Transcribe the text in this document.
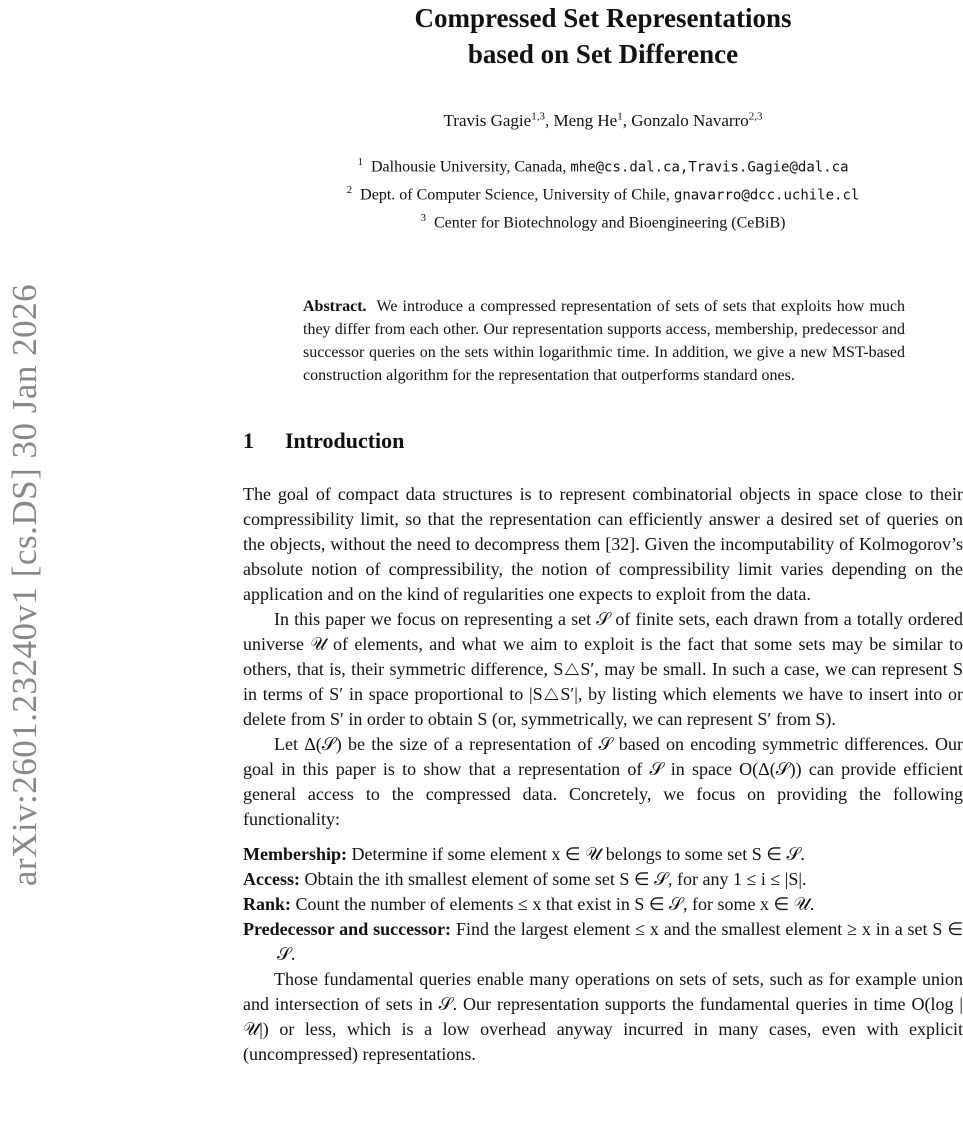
arXiv:2601.23240v1 [cs.DS] 30 Jan 2026
Compressed Set Representations
based on Set Difference
Travis Gagie$^{1,3}$, Meng He$^1$, Gonzalo Navarro$^{2,3}$
$^1$ Dalhousie University, Canada, mhe@cs.dal.ca,Travis.Gagie@dal.ca
$^2$ Dept. of Computer Science, University of Chile, gnavarro@dcc.uchile.cl
$^3$ Center for Biotechnology and Bioengineering (CeBiB)
Abstract. We introduce a compressed representation of sets of sets that exploits how much they differ from each other. Our representation supports access, membership, predecessor and successor queries on the sets within logarithmic time. In addition, we give a new MST-based construction algorithm for the representation that outperforms standard ones.
1 Introduction

The goal of compact data structures is to represent combinatorial objects in space close to their compressibility limit, so that the representation can efficiently answer a desired set of queries on the objects, without the need to decompress them [32]. Given the incomputability of Kolmogorov’s absolute notion of compressibility, the notion of compressibility limit varies depending on the application and on the kind of regularities one expects to exploit from the data.

In this paper we focus on representing a set 𝒮 of finite sets, each drawn from a totally ordered universe 𝒰 of elements, and what we aim to exploit is the fact that some sets may be similar to others, that is, their symmetric difference, S△S′, may be small. In such a case, we can represent S in terms of S′ in space proportional to |S△S′|, by listing which elements we have to insert into or delete from S′ in order to obtain S (or, symmetrically, we can represent S′ from S).

Let Δ(𝒮) be the size of a representation of 𝒮 based on encoding symmetric differences. Our goal in this paper is to show that a representation of 𝒮 in space O(Δ(𝒮)) can provide efficient general access to the compressed data. Concretely, we focus on providing the following functionality:

Membership: Determine if some element x ∈ 𝒰 belongs to some set S ∈ 𝒮.

Access: Obtain the ith smallest element of some set S ∈ 𝒮, for any 1 ≤ i ≤ |S|.

Rank: Count the number of elements ≤ x that exist in S ∈ 𝒮, for some x ∈ 𝒰.

Predecessor and successor: Find the largest element ≤ x and the smallest element ≥ x in a set S ∈ 𝒮.

Those fundamental queries enable many operations on sets of sets, such as for example union and intersection of sets in 𝒮. Our representation supports the fundamental queries in time O(log |𝒰|) or less, which is a low overhead anyway incurred in many cases, even with explicit (uncompressed) representations.
